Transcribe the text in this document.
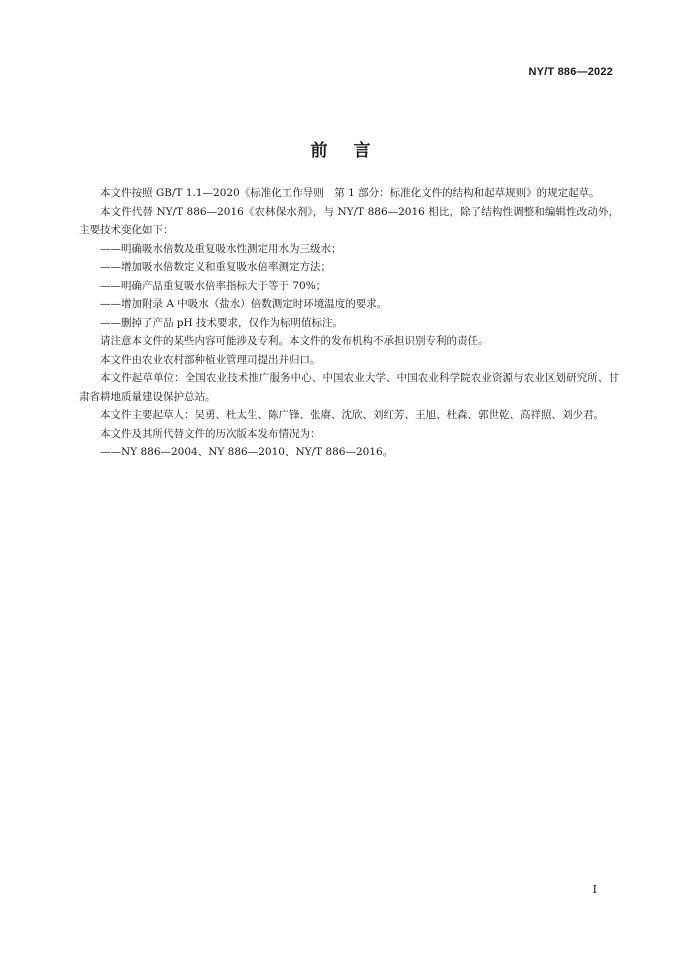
NY/T 886—2022
前言

本文件按照 GB/T 1.1—2020《标准化工作导则　第 1 部分：标准化文件的结构和起草规则》的规定起草。

本文件代替 NY/T 886—2016《农林保水剂》，与 NY/T 886—2016 相比，除了结构性调整和编辑性改动外，主要技术变化如下：

——明确吸水倍数及重复吸水性测定用水为三级水；

——增加吸水倍数定义和重复吸水倍率测定方法；

——明确产品重复吸水倍率指标大于等于 70%；

——增加附录 A 中吸水（盐水）倍数测定时环境温度的要求。

——删掉了产品 pH 技术要求，仅作为标明值标注。

请注意本文件的某些内容可能涉及专利。本文件的发布机构不承担识别专利的责任。

本文件由农业农村部种植业管理司提出并归口。

本文件起草单位：全国农业技术推广服务中心、中国农业大学、中国农业科学院农业资源与农业区划研究所、甘肃省耕地质量建设保护总站。

本文件主要起草人：吴勇、杜太生、陈广锋、张赓、沈欣、刘红芳、王旭、杜森、郭世乾、高祥照、刘少君。

本文件及其所代替文件的历次版本发布情况为：

——NY 886—2004、NY 886—2010、NY/T 886—2016。

I
